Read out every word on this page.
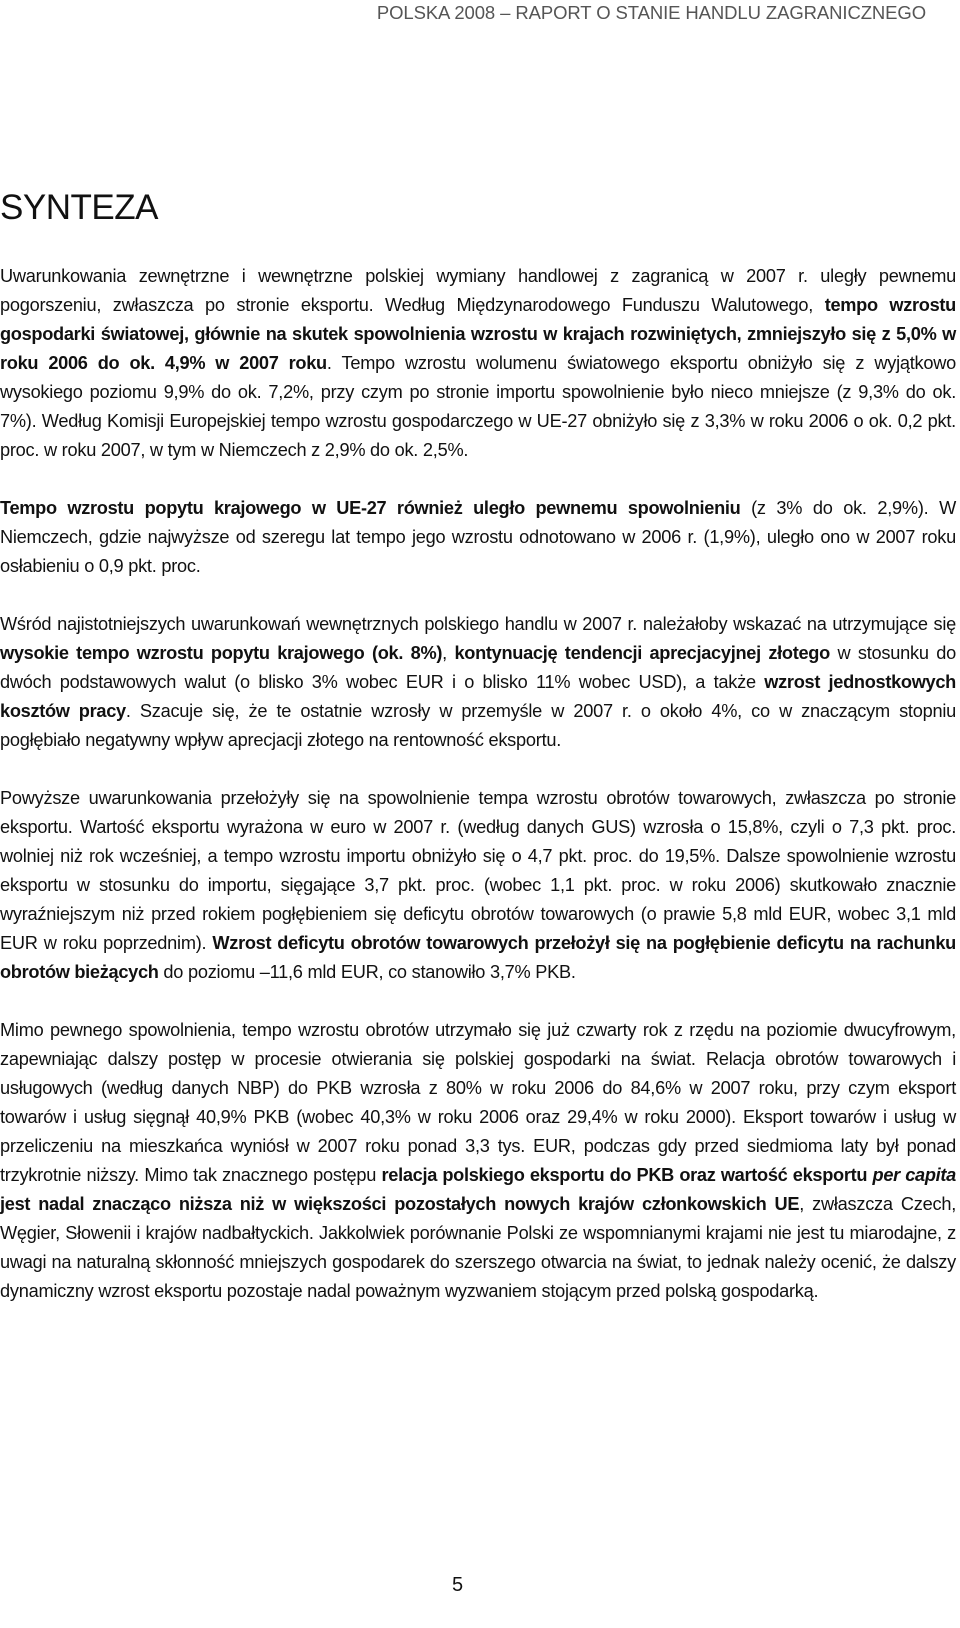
POLSKA 2008 – RAPORT O STANIE HANDLU ZAGRANICZNEGO
SYNTEZA

Uwarunkowania zewnętrzne i wewnętrzne polskiej wymiany handlowej z zagranicą w 2007 r. uległy pewnemu pogorszeniu, zwłaszcza po stronie eksportu. Według Międzynarodowego Funduszu Walutowego, tempo wzrostu gospodarki światowej, głównie na skutek spowolnienia wzrostu w krajach rozwiniętych, zmniejszyło się z 5,0% w roku 2006 do ok. 4,9% w 2007 roku. Tempo wzrostu wolumenu światowego eksportu obniżyło się z wyjątkowo wysokiego poziomu 9,9% do ok. 7,2%, przy czym po stronie importu spowolnienie było nieco mniejsze (z 9,3% do ok. 7%). Według Komisji Europejskiej tempo wzrostu gospodarczego w UE-27 obniżyło się z 3,3% w roku 2006 o ok. 0,2 pkt. proc. w roku 2007, w tym w Niemczech z 2,9% do ok. 2,5%.

Tempo wzrostu popytu krajowego w UE-27 również uległo pewnemu spowolnieniu (z 3% do ok. 2,9%). W Niemczech, gdzie najwyższe od szeregu lat tempo jego wzrostu odnotowano w 2006 r. (1,9%), uległo ono w 2007 roku osłabieniu o 0,9 pkt. proc.

Wśród najistotniejszych uwarunkowań wewnętrznych polskiego handlu w 2007 r. należałoby wskazać na utrzymujące się wysokie tempo wzrostu popytu krajowego (ok. 8%), kontynuację tendencji aprecjacyjnej złotego w stosunku do dwóch podstawowych walut (o blisko 3% wobec EUR i o blisko 11% wobec USD), a także wzrost jednostkowych kosztów pracy. Szacuje się, że te ostatnie wzrosły w przemyśle w 2007 r. o około 4%, co w znaczącym stopniu pogłębiało negatywny wpływ aprecjacji złotego na rentowność eksportu.

Powyższe uwarunkowania przełożyły się na spowolnienie tempa wzrostu obrotów towarowych, zwłaszcza po stronie eksportu. Wartość eksportu wyrażona w euro w 2007 r. (według danych GUS) wzrosła o 15,8%, czyli o 7,3 pkt. proc. wolniej niż rok wcześniej, a tempo wzrostu importu obniżyło się o 4,7 pkt. proc. do 19,5%. Dalsze spowolnienie wzrostu eksportu w stosunku do importu, sięgające 3,7 pkt. proc. (wobec 1,1 pkt. proc. w roku 2006) skutkowało znacznie wyraźniejszym niż przed rokiem pogłębieniem się deficytu obrotów towarowych (o prawie 5,8 mld EUR, wobec 3,1 mld EUR w roku poprzednim). Wzrost deficytu obrotów towarowych przełożył się na pogłębienie deficytu na rachunku obrotów bieżących do poziomu –11,6 mld EUR, co stanowiło 3,7% PKB.

Mimo pewnego spowolnienia, tempo wzrostu obrotów utrzymało się już czwarty rok z rzędu na poziomie dwucyfrowym, zapewniając dalszy postęp w procesie otwierania się polskiej gospodarki na świat. Relacja obrotów towarowych i usługowych (według danych NBP) do PKB wzrosła z 80% w roku 2006 do 84,6% w 2007 roku, przy czym eksport towarów i usług sięgnął 40,9% PKB (wobec 40,3% w roku 2006 oraz 29,4% w roku 2000). Eksport towarów i usług w przeliczeniu na mieszkańca wyniósł w 2007 roku ponad 3,3 tys. EUR, podczas gdy przed siedmioma laty był ponad trzykrotnie niższy. Mimo tak znacznego postępu relacja polskiego eksportu do PKB oraz wartość eksportu per capita jest nadal znacząco niższa niż w większości pozostałych nowych krajów członkowskich UE, zwłaszcza Czech, Węgier, Słowenii i krajów nadbałtyckich. Jakkolwiek porównanie Polski ze wspomnianymi krajami nie jest tu miarodajne, z uwagi na naturalną skłonność mniejszych gospodarek do szerszego otwarcia na świat, to jednak należy ocenić, że dalszy dynamiczny wzrost eksportu pozostaje nadal poważnym wyzwaniem stojącym przed polską gospodarką.

5
